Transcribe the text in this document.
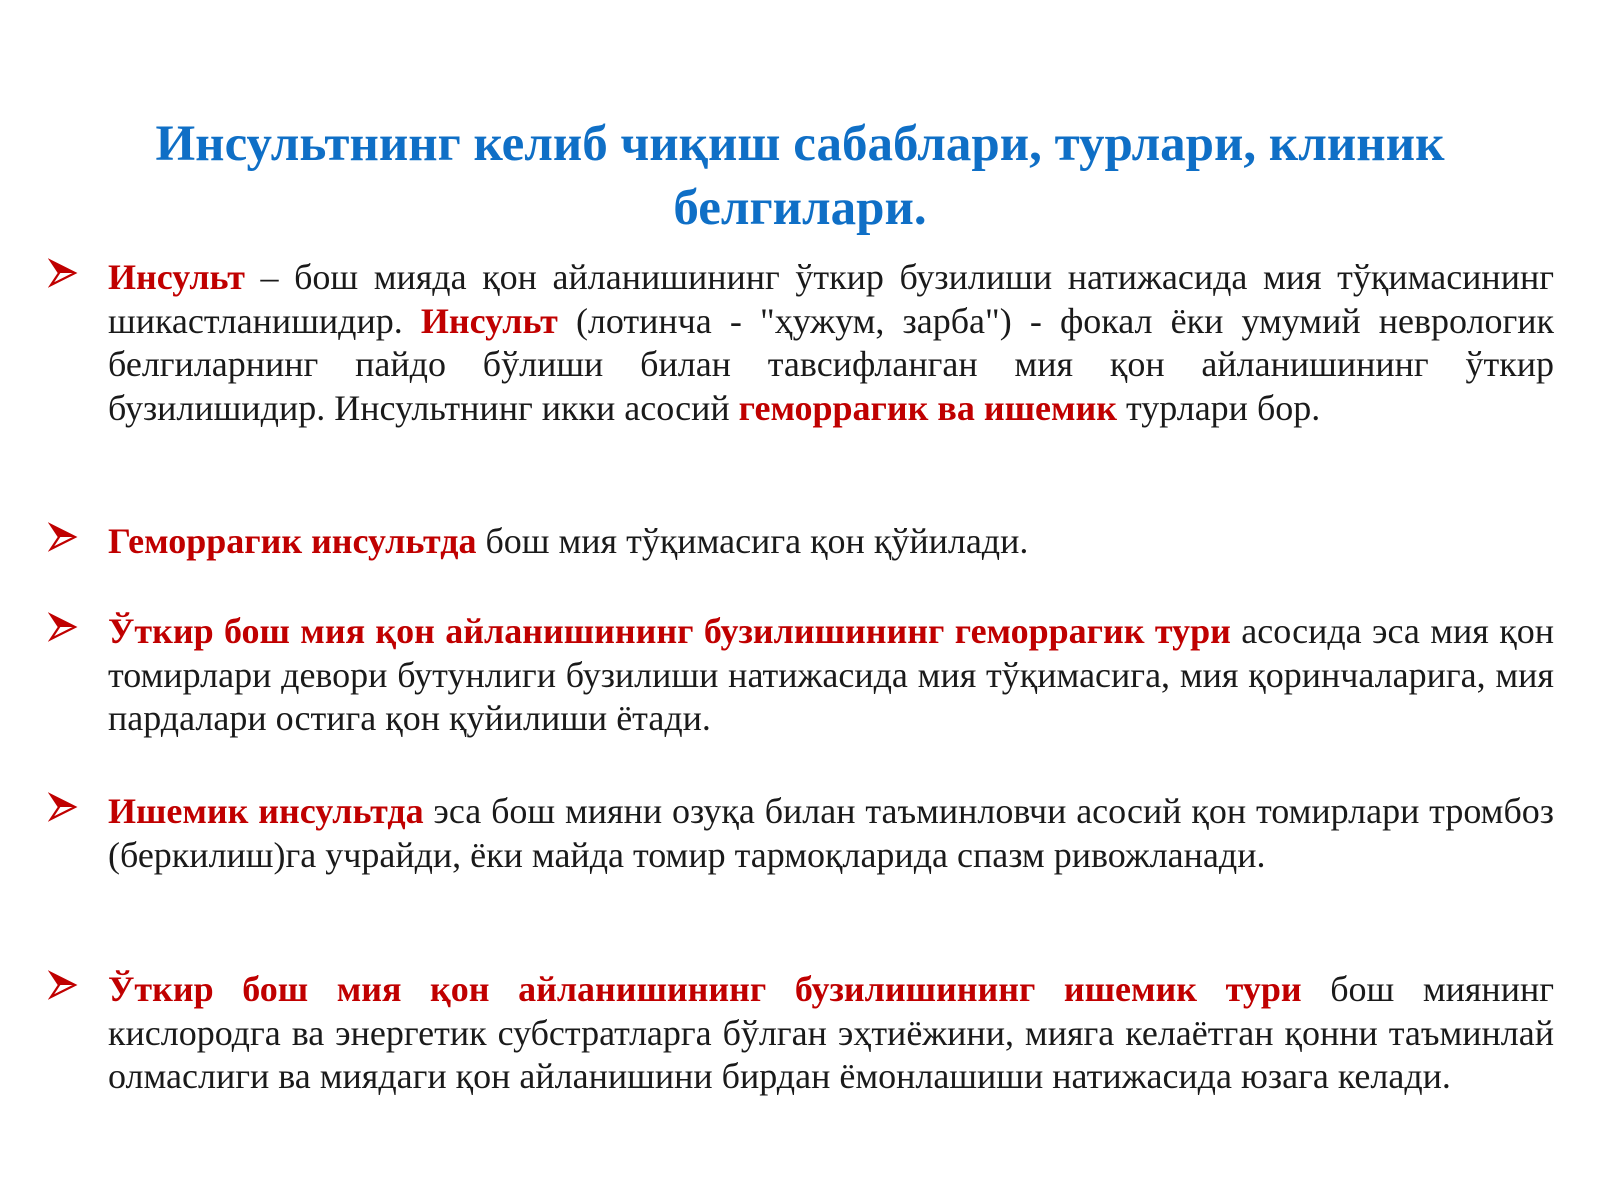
Инсультнинг келиб чиқиш сабаблари, турлари, клиник белгилари.
Инсульт – бош мияда қон айланишининг ўткир бузилиши натижасида мия тўқимасининг шикастланишидир. Инсульт (лотинча - "ҳужум, зарба") - фокал ёки умумий неврологик белгиларнинг пайдо бўлиши билан тавсифланган мия қон айланишининг ўткир бузилишидир. Инсультнинг икки асосий геморрагик ва ишемик турлари бор.
Геморрагик инсультда бош мия тўқимасига қон қўйилади.
Ўткир бош мия қон айланишининг бузилишининг геморрагик тури асосида эса мия қон томирлари девори бутунлиги бузилиши натижасида мия тўқимасига, мия қоринчаларига, мия пардалари остига қон қуйилиши ётади.
Ишемик инсультда эса бош мияни озуқа билан таъминловчи асосий қон томирлари тромбоз (беркилиш)га учрайди, ёки майда томир тармоқларида спазм ривожланади.
Ўткир бош мия қон айланишининг бузилишининг ишемик тури бош миянинг кислородга ва энергетик субстратларга бўлган эҳтиёжини, мияга келаётган қонни таъминлай олмаслиги ва миядаги қон айланишини бирдан ёмонлашиши натижасида юзага келади.
